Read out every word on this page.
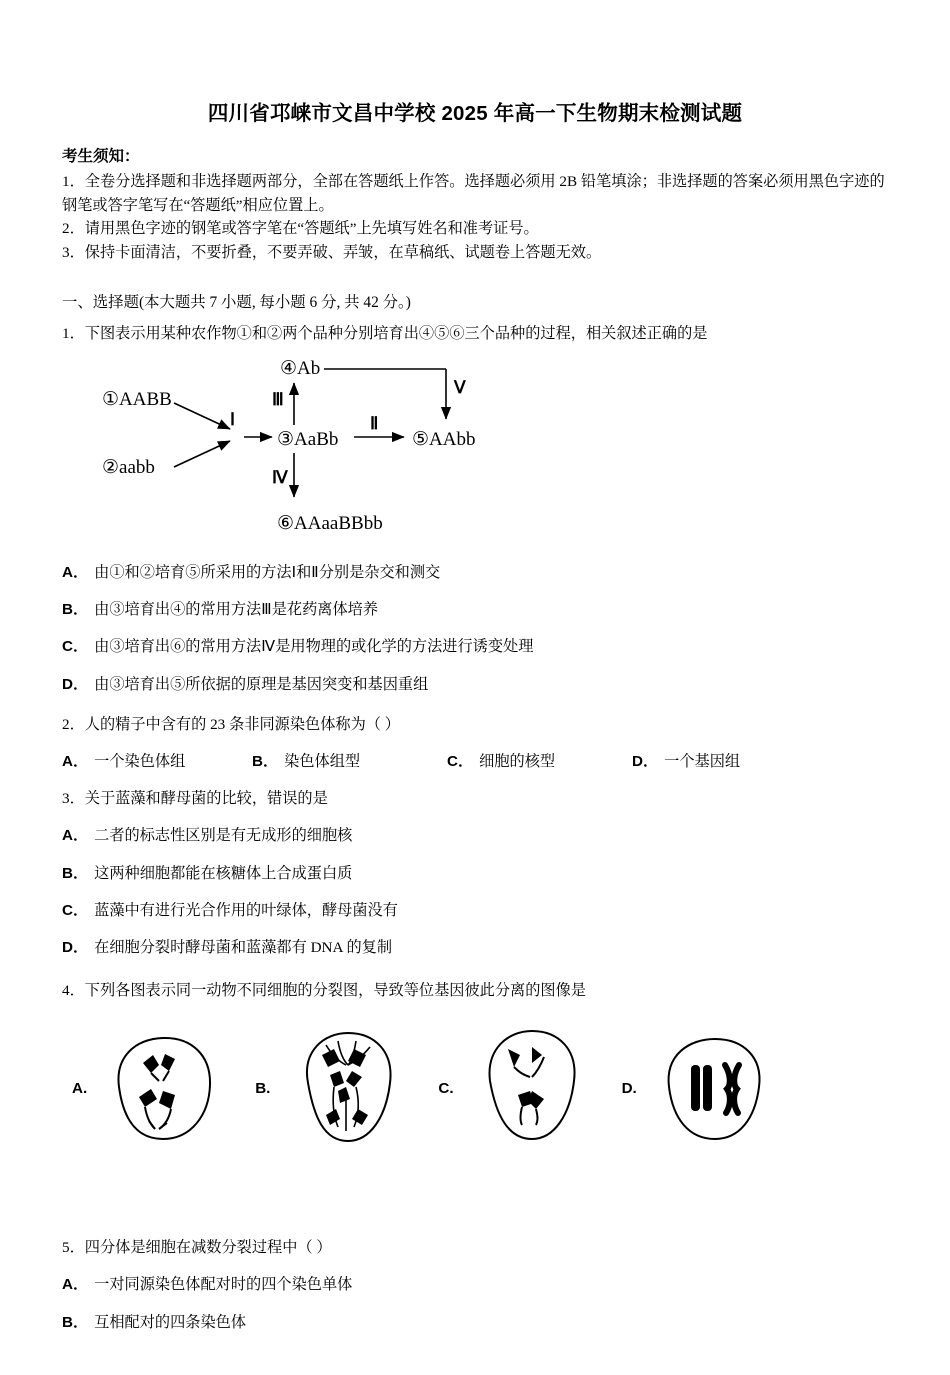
四川省邛崃市文昌中学校 2025 年高一下生物期末检测试题

考生须知：

1．全卷分选择题和非选择题两部分，全部在答题纸上作答。选择题必须用 2B 铅笔填涂；非选择题的答案必须用黑色字迹的钢笔或答字笔写在“答题纸”相应位置上。

2．请用黑色字迹的钢笔或答字笔在“答题纸”上先填写姓名和准考证号。

3．保持卡面清洁，不要折叠，不要弄破、弄皱，在草稿纸、试题卷上答题无效。

一、选择题(本大题共 7 小题, 每小题 6 分, 共 42 分。)

1．下图表示用某种农作物①和②两个品种分别培育出④⑤⑥三个品种的过程，相关叙述正确的是

①AABB
②aabb
③AaBb
④Ab
⑤AAbb
⑥AAaaBBbb
Ⅰ	Ⅱ
Ⅲ
Ⅳ
Ⅴ

A． 由①和②培育⑤所采用的方法Ⅰ和Ⅱ分别是杂交和测交

B． 由③培育出④的常用方法Ⅲ是花药离体培养

C． 由③培育出⑥的常用方法Ⅳ是用物理的或化学的方法进行诱变处理

D． 由③培育出⑤所依据的原理是基因突变和基因重组

2．人的精子中含有的 23 条非同源染色体称为（ ）

A． 一个染色体组	B． 染色体组型	C． 细胞的核型	D． 一个基因组

3．关于蓝藻和酵母菌的比较，错误的是

A． 二者的标志性区别是有无成形的细胞核

B． 这两种细胞都能在核糖体上合成蛋白质

C． 蓝藻中有进行光合作用的叶绿体，酵母菌没有

D． 在细胞分裂时酵母菌和蓝藻都有 DNA 的复制

4．下列各图表示同一动物不同细胞的分裂图，导致等位基因彼此分离的图像是

A.	B.	C.	D.

5．四分体是细胞在减数分裂过程中（ ）

A． 一对同源染色体配对时的四个染色单体

B． 互相配对的四条染色体
